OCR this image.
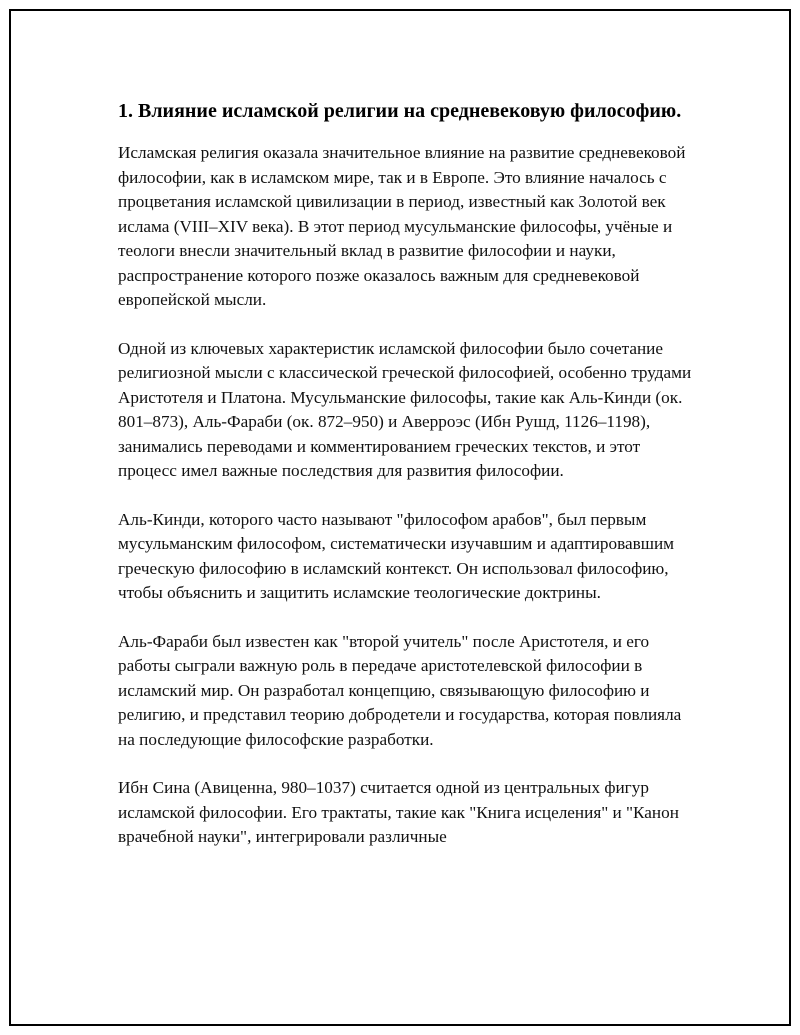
1. Влияние исламской религии на средневековую философию.

Исламская религия оказала значительное влияние на развитие средневековой философии, как в исламском мире, так и в Европе. Это влияние началось с процветания исламской цивилизации в период, известный как Золотой век ислама (VIII–XIV века). В этот период мусульманские философы, учёные и теологи внесли значительный вклад в развитие философии и науки, распространение которого позже оказалось важным для средневековой европейской мысли.

Одной из ключевых характеристик исламской философии было сочетание религиозной мысли с классической греческой философией, особенно трудами Аристотеля и Платона. Мусульманские философы, такие как Аль-Кинди (ок. 801–873), Аль-Фараби (ок. 872–950) и Аверроэс (Ибн Рушд, 1126–1198), занимались переводами и комментированием греческих текстов, и этот процесс имел важные последствия для развития философии.

Аль-Кинди, которого часто называют "философом арабов", был первым мусульманским философом, систематически изучавшим и адаптировавшим греческую философию в исламский контекст. Он использовал философию, чтобы объяснить и защитить исламские теологические доктрины.

Аль-Фараби был известен как "второй учитель" после Аристотеля, и его работы сыграли важную роль в передаче аристотелевской философии в исламский мир. Он разработал концепцию, связывающую философию и религию, и представил теорию добродетели и государства, которая повлияла на последующие философские разработки.

Ибн Сина (Авиценна, 980–1037) считается одной из центральных фигур исламской философии. Его трактаты, такие как "Книга исцеления" и "Канон врачебной науки", интегрировали различные
